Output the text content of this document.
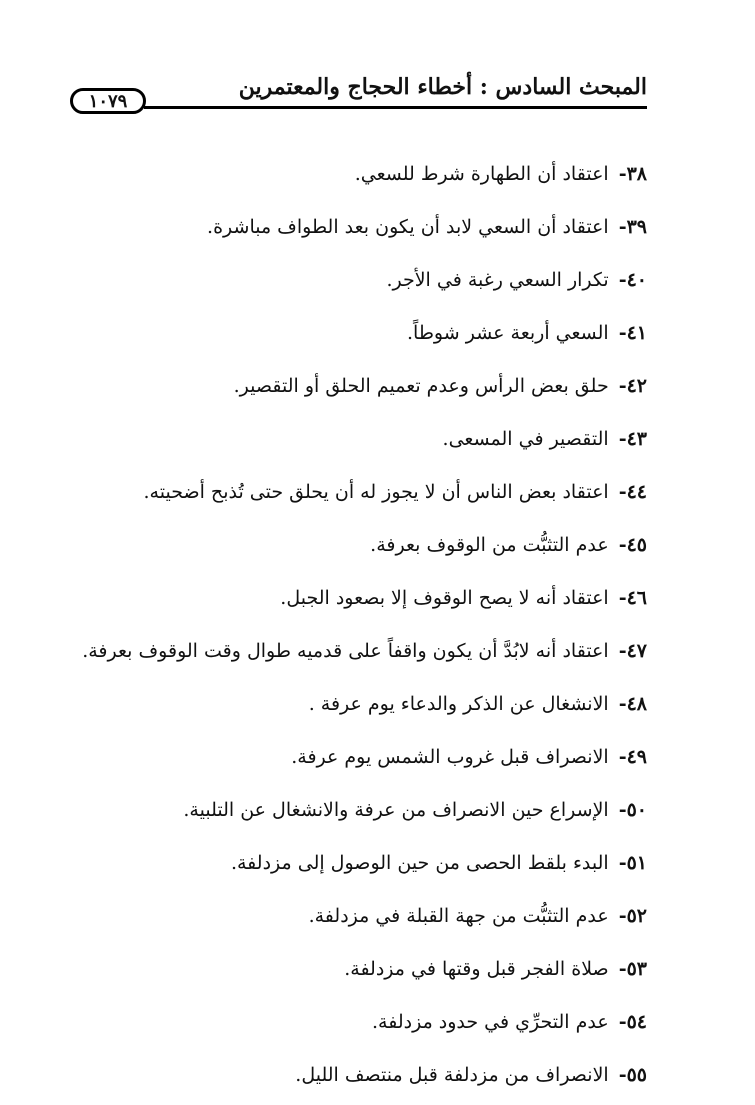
المبحث السادس : أخطاء الحجاج والمعتمرين
١٠٧٩
٣٨-اعتقاد أن الطهارة شرط للسعي.
٣٩-اعتقاد أن السعي لابد أن يكون بعد الطواف مباشرة.
٤٠-تكرار السعي رغبة في الأجر.
٤١-السعي أربعة عشر شوطاً.
٤٢-حلق بعض الرأس وعدم تعميم الحلق أو التقصير.
٤٣-التقصير في المسعى.
٤٤-اعتقاد بعض الناس أن لا يجوز له أن يحلق حتى تُذبح أضحيته.
٤٥-عدم التثبُّت من الوقوف بعرفة.
٤٦-اعتقاد أنه لا يصح الوقوف إلا بصعود الجبل.
٤٧-اعتقاد أنه لابُدَّ أن يكون واقفاً على قدميه طوال وقت الوقوف بعرفة.
٤٨-الانشغال عن الذكر والدعاء يوم عرفة .
٤٩-الانصراف قبل غروب الشمس يوم عرفة.
٥٠-الإسراع حين الانصراف من عرفة والانشغال عن التلبية.
٥١-البدء بلقط الحصى من حين الوصول إلى مزدلفة.
٥٢-عدم التثبُّت من جهة القبلة في مزدلفة.
٥٣-صلاة الفجر قبل وقتها في مزدلفة.
٥٤-عدم التحرِّي في حدود مزدلفة.
٥٥-الانصراف من مزدلفة قبل منتصف الليل.
